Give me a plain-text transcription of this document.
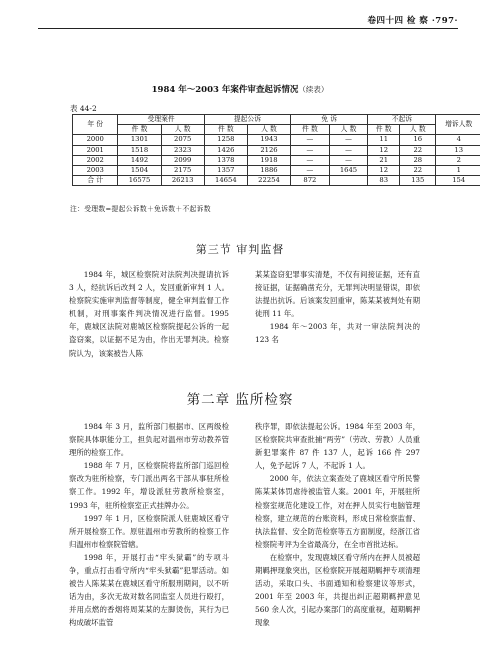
卷四十四 检 察 ·797·
1984 年～2003 年案件审查起诉情况（续表）
表 44-2
年 份	受理案件		提起公诉		免 诉		不起诉		增诉人数
	件 数	人 数	件 数	人 数	件 数	人 数	件 数	人 数	
2000	1301	2075	1258	1943	—	—	11	16	4
2001	1518	2323	1426	2126	—	—	12	22	13
2002	1492	2099	1378	1918	—	—	21	28	2
2003	1504	2175	1357	1886	—	1645	12	22	1
合 计	16575	26213	14654	22254	872		83	135	154
注：受理数=提起公诉数＋免诉数＋不起诉数
第三节 审判监督

1984 年，城区检察院对法院判决提请抗诉 3 人，经抗诉后改判 2 人，发回重新审判 1 人。检察院实施审判监督等制度，健全审判监督工作机制，对刑事案件判决情况进行监督。1995 年，鹿城区法院对鹿城区检察院提起公诉的一起盗窃案，以证据不足为由，作出无罪判决。检察院认为，该案被告人陈

某某盗窃犯罪事实清楚，不仅有间接证据，还有直接证据，证据确凿充分，无罪判决明显错误，即依法提出抗诉。后该案发回重审，陈某某被判处有期徒刑 11 年。

1984 年～2003 年，共对一审法院判决的 123 名

第二章 监所检察

1984 年 3 月，监所部门根据市、区两级检察院具体职能分工，担负起对温州市劳动教养管理所的检察工作。

1988 年 7 月，区检察院将监所部门巡回检察改为驻所检察，专门派出两名干部从事驻所检察工作。1992 年，增设派驻劳教所检察室，1993 年，驻所检察室正式挂牌办公。

1997 年 1 月，区检察院派人驻鹿城区看守所开展检察工作。原驻温州市劳教所的检察工作归温州市检察院管辖。

1998 年，开展打击“牢头狱霸”的专项斗争，重点打击看守所内“牢头狱霸”犯罪活动。如被告人陈某某在鹿城区看守所服刑期间，以不听话为由，多次无故对数名同监室人员进行殴打，并用点燃的香烟将周某某的左脚烫伤，其行为已构成破坏监管

秩序罪，即依法提起公诉。1984 年至 2003 年，区检察院共审查批捕“两劳”（劳改、劳教）人员重新犯罪案件 87 件 137 人，起诉 166 件 297 人，免予起诉 7 人，不起诉 1 人。

2000 年，依法立案查处了鹿城区看守所民警陈某某体罚虐待被监管人案。2001 年，开展驻所检察室规范化建设工作，对在押人员实行电脑管理检察，建立规范的台账资料，形成日常检察监督、执法监督、安全防范检察等五方面制度，经浙江省检察院考评为全省最高分，在全市首批达标。

在检察中，发现鹿城区看守所内在押人员被超期羁押现象突出，区检察院开展超期羁押专项清理活动，采取口头、书面通知和检察建议等形式，2001 年至 2003 年，共提出纠正超期羁押意见 560 余人次，引起办案部门的高度重视，超期羁押现象
